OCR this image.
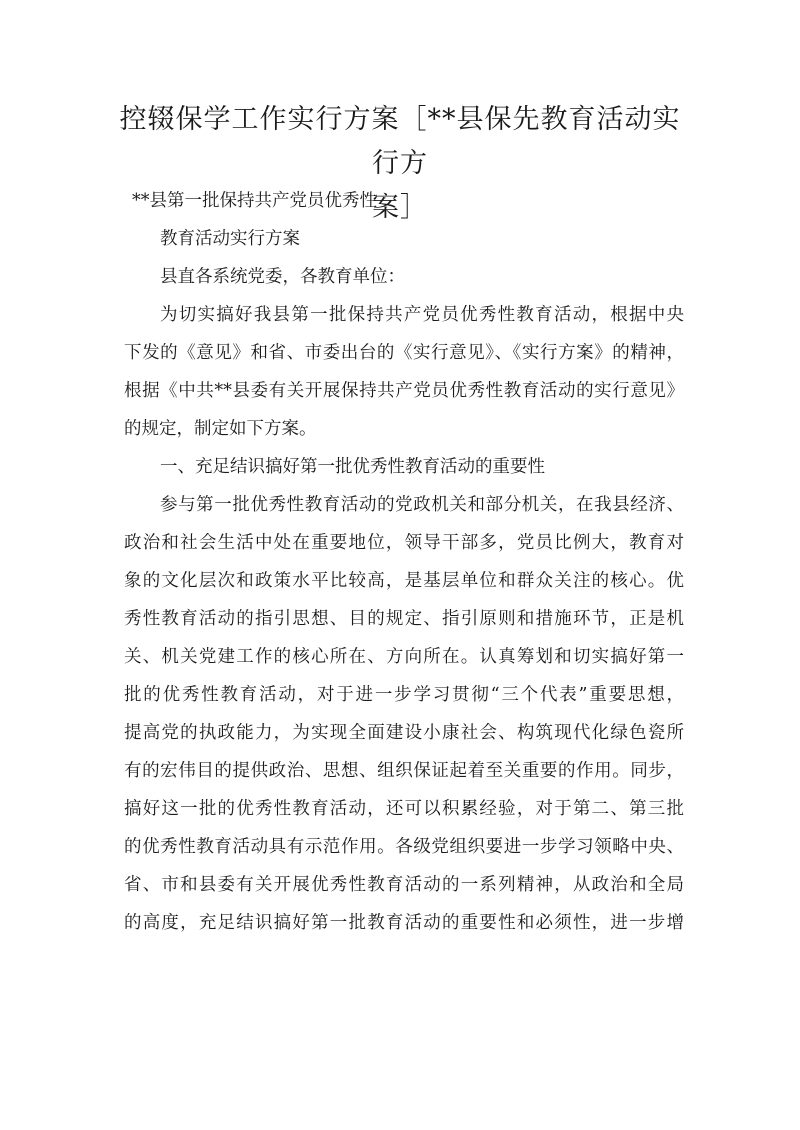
控辍保学工作实行方案［**县保先教育活动实行方
案］
**县第一批保持共产党员优秀性
教育活动实行方案
县直各系统党委，各教育单位：
为切实搞好我县第一批保持共产党员优秀性教育活动，根据中央
下发的《意见》和省、市委出台的《实行意见》、《实行方案》的精神，
根据《中共**县委有关开展保持共产党员优秀性教育活动的实行意见》
的规定，制定如下方案。
一、充足结识搞好第一批优秀性教育活动的重要性
参与第一批优秀性教育活动的党政机关和部分机关，在我县经济、
政治和社会生活中处在重要地位，领导干部多，党员比例大，教育对
象的文化层次和政策水平比较高，是基层单位和群众关注的核心。优
秀性教育活动的指引思想、目的规定、指引原则和措施环节，正是机
关、机关党建工作的核心所在、方向所在。认真筹划和切实搞好第一
批的优秀性教育活动，对于进一步学习贯彻“三个代表”重要思想，
提高党的执政能力，为实现全面建设小康社会、构筑现代化绿色瓷所
有的宏伟目的提供政治、思想、组织保证起着至关重要的作用。同步，
搞好这一批的优秀性教育活动，还可以积累经验，对于第二、第三批
的优秀性教育活动具有示范作用。各级党组织要进一步学习领略中央、
省、市和县委有关开展优秀性教育活动的一系列精神，从政治和全局
的高度，充足结识搞好第一批教育活动的重要性和必须性，进一步增
